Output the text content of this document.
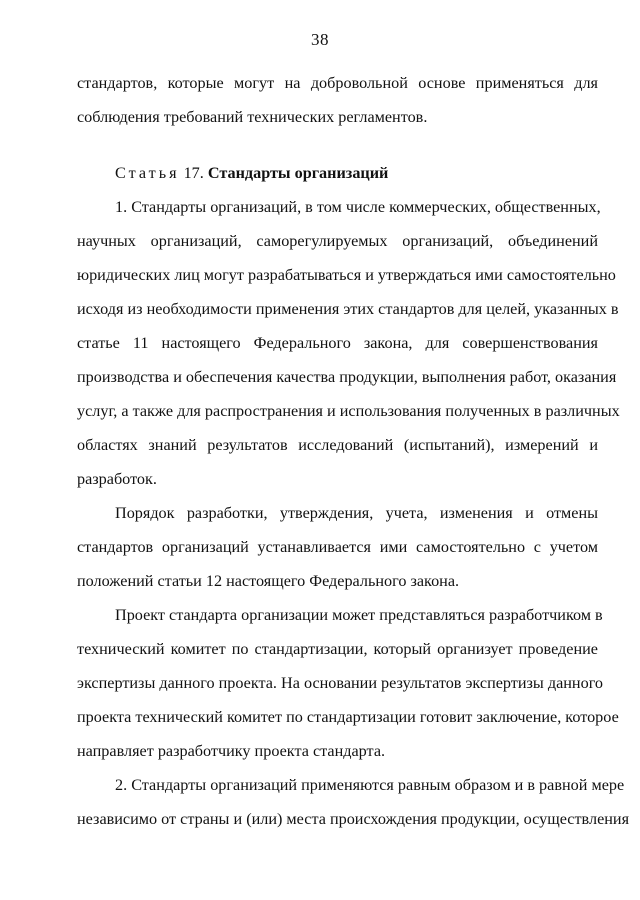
38
стандартов, которые могут на добровольной основе применяться для
соблюдения требований технических регламентов.
Статья 17. Стандарты организаций
1. Стандарты организаций, в том числе коммерческих, общественных,
научных организаций, саморегулируемых организаций, объединений
юридических лиц могут разрабатываться и утверждаться ими самостоятельно
исходя из необходимости применения этих стандартов для целей, указанных в
статье 11 настоящего Федерального закона, для совершенствования
производства и обеспечения качества продукции, выполнения работ, оказания
услуг, а также для распространения и использования полученных в различных
областях знаний результатов исследований (испытаний), измерений и
разработок.
Порядок разработки, утверждения, учета, изменения и отмены
стандартов организаций устанавливается ими самостоятельно с учетом
положений статьи 12 настоящего Федерального закона.
Проект стандарта организации может представляться разработчиком в
технический комитет по стандартизации, который организует проведение
экспертизы данного проекта. На основании результатов экспертизы данного
проекта технический комитет по стандартизации готовит заключение, которое
направляет разработчику проекта стандарта.
2. Стандарты организаций применяются равным образом и в равной мере
независимо от страны и (или) места происхождения продукции, осуществления
